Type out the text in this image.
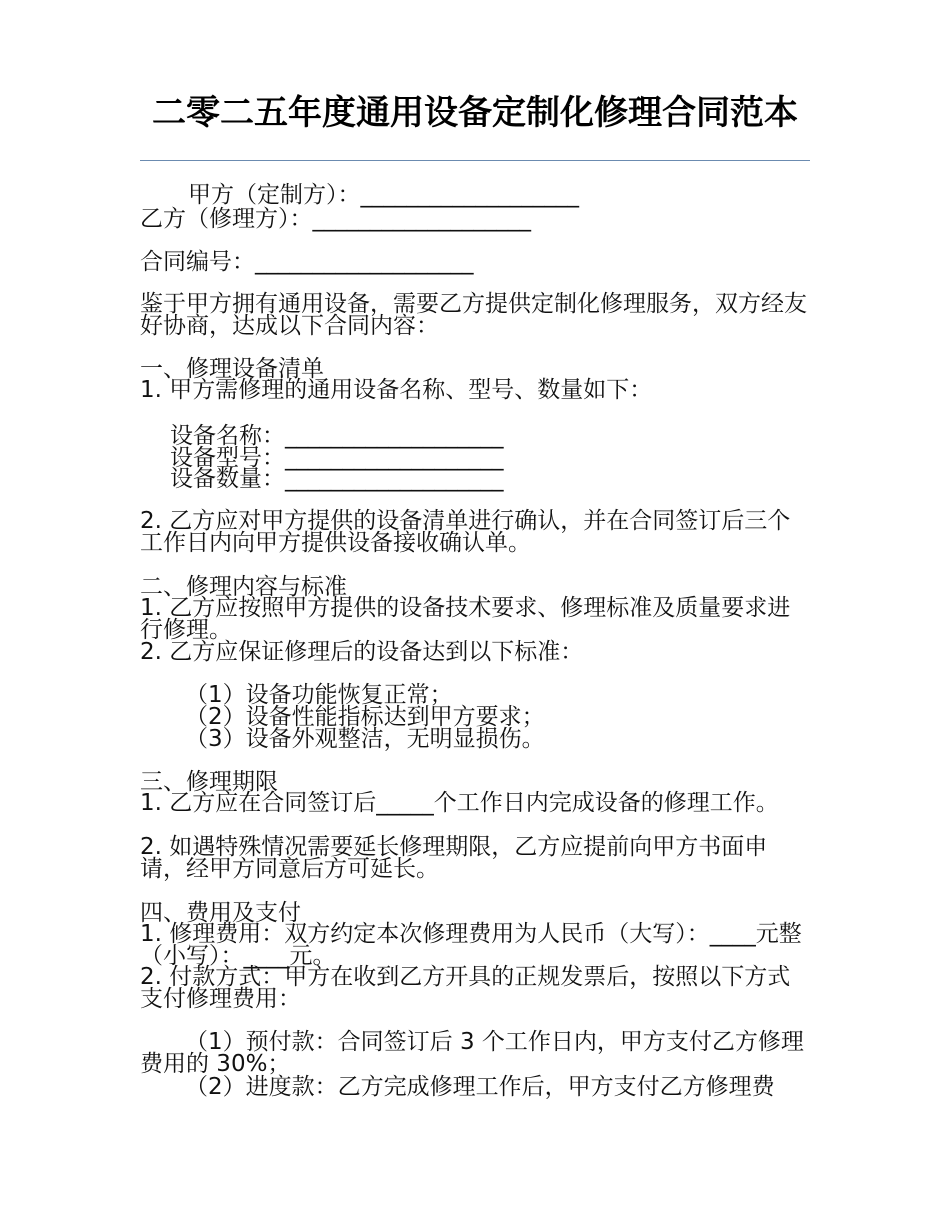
二零二五年度通用设备定制化修理合同范本
甲方（定制方）：___________________
乙方（修理方）：___________________
合同编号：___________________
鉴于甲方拥有通用设备，需要乙方提供定制化修理服务，双方经友好协商，达成以下合同内容：
一、修理设备清单
1. 甲方需修理的通用设备名称、型号、数量如下：
设备名称：___________________
设备型号：___________________
设备数量：___________________
2. 乙方应对甲方提供的设备清单进行确认，并在合同签订后三个工作日内向甲方提供设备接收确认单。
二、修理内容与标准
1. 乙方应按照甲方提供的设备技术要求、修理标准及质量要求进行修理。
2. 乙方应保证修理后的设备达到以下标准：
（1）设备功能恢复正常；
（2）设备性能指标达到甲方要求；
（3）设备外观整洁，无明显损伤。
三、修理期限
1. 乙方应在合同签订后_____个工作日内完成设备的修理工作。
2. 如遇特殊情况需要延长修理期限，乙方应提前向甲方书面申请，经甲方同意后方可延长。
四、费用及支付
1. 修理费用：双方约定本次修理费用为人民币（大写）：____元整（小写）：____元。
2. 付款方式：甲方在收到乙方开具的正规发票后，按照以下方式支付修理费用：
（1）预付款：合同签订后 3 个工作日内，甲方支付乙方修理费用的 30%；
（2）进度款：乙方完成修理工作后，甲方支付乙方修理费
